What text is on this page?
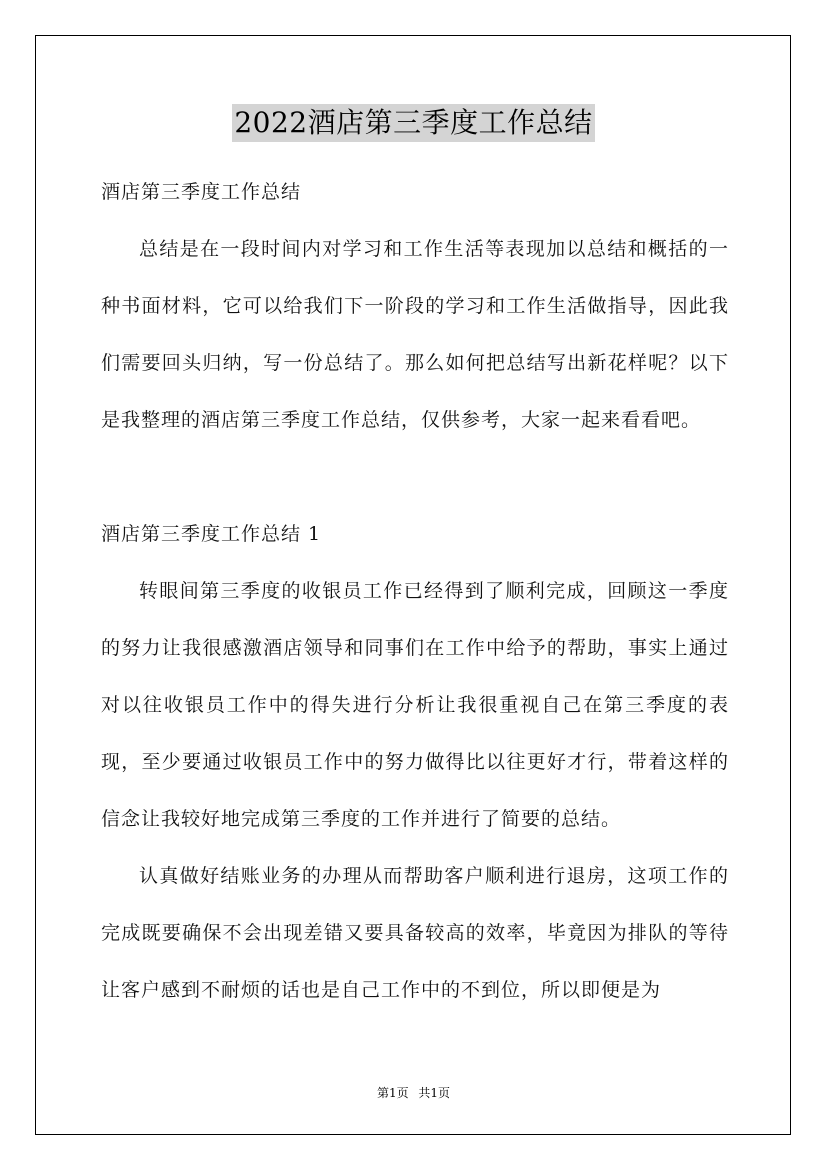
2022酒店第三季度工作总结

酒店第三季度工作总结

总结是在一段时间内对学习和工作生活等表现加以总结和概括的一种书面材料，它可以给我们下一阶段的学习和工作生活做指导，因此我们需要回头归纳，写一份总结了。那么如何把总结写出新花样呢？以下是我整理的酒店第三季度工作总结，仅供参考，大家一起来看看吧。

酒店第三季度工作总结 1

转眼间第三季度的收银员工作已经得到了顺利完成，回顾这一季度的努力让我很感激酒店领导和同事们在工作中给予的帮助，事实上通过对以往收银员工作中的得失进行分析让我很重视自己在第三季度的表现，至少要通过收银员工作中的努力做得比以往更好才行，带着这样的信念让我较好地完成第三季度的工作并进行了简要的总结。

认真做好结账业务的办理从而帮助客户顺利进行退房，这项工作的完成既要确保不会出现差错又要具备较高的效率，毕竟因为排队的等待让客户感到不耐烦的话也是自己工作中的不到位，所以即便是为

第1页 共1页
